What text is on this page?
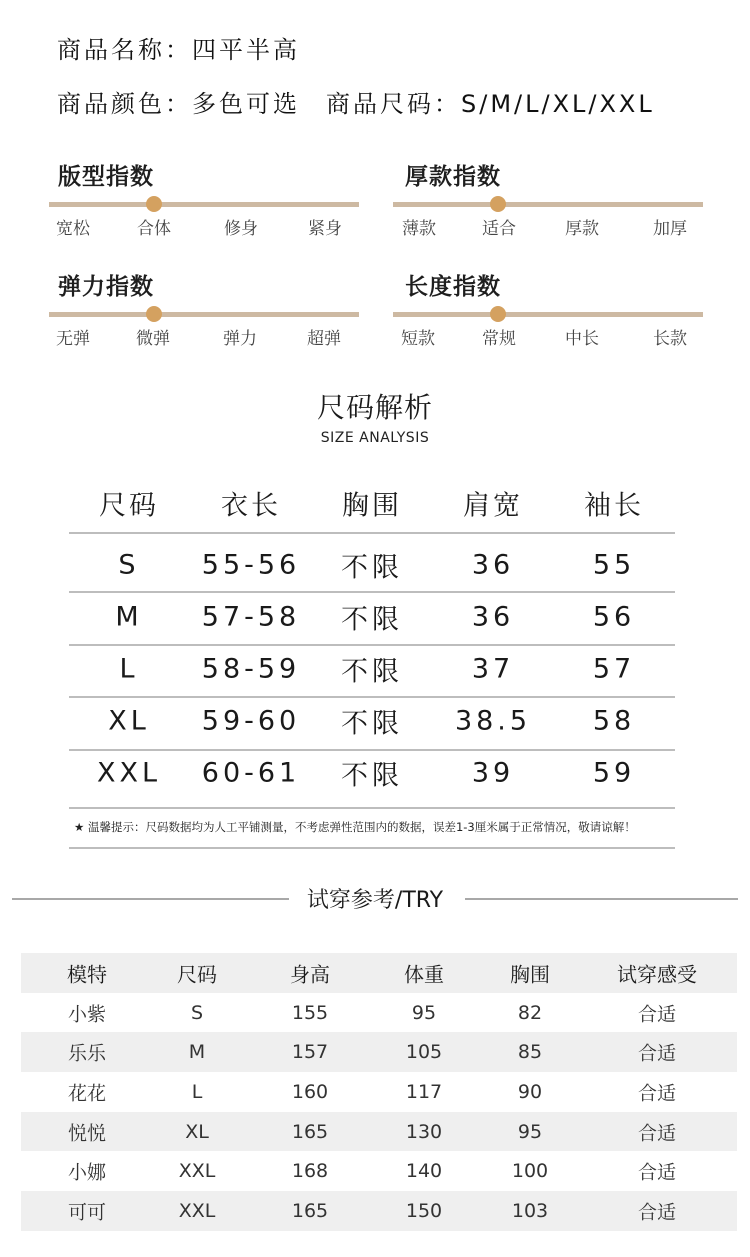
商品名称：四平半高
商品颜色：多色可选 商品尺码：S/M/L/XL/XXL
版型指数
宽松	合体	修身	紧身
厚款指数
薄款	适合	厚款	加厚
弹力指数
无弹	微弹	弹力	超弹
长度指数
短款	常规	中长	长款
尺码解析
SIZE ANALYSIS
尺码 衣长 胸围 肩宽 袖长
S 55-56 不限	36	55
M 57-58 不限	36	56
L 58-59 不限	37	57
XL 59-60 不限 38.5 58
XXL 60-61 不限	39	59
★ 温馨提示：尺码数据均为人工平铺测量，不考虑弹性范围内的数据，误差1-3厘米属于正常情况，敬请谅解！
试穿参考/TRY
模特	尺码	身高	体重	胸围	试穿感受
小紫	S	155	95	82	合适
乐乐	M	157	105	85	合适
花花	L	160	117	90	合适
悦悦	XL	165	130	95	合适
小娜	XXL	168	140	100	合适
可可	XXL	165	150	103	合适
